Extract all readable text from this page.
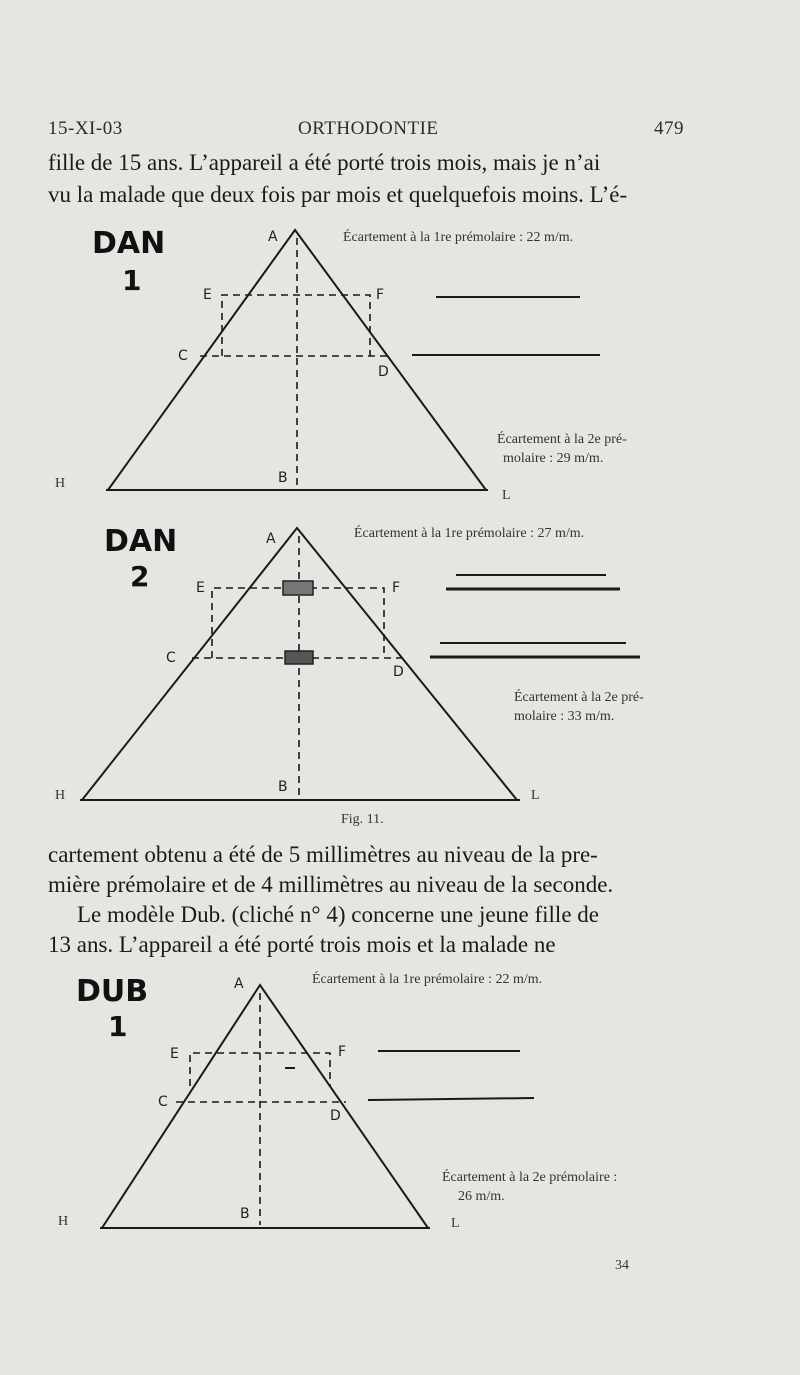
15-XI-03	ORTHODONTIE	479
fille de 15 ans. L’appareil a été porté trois mois, mais je n’ai
vu la malade que deux fois par mois et quelquefois moins. L’é-
DAN
1
A
E	F
C
D
B
H
L
Écartement à la 1re prémolaire : 22 m/m.
Écartement à la 2e pré-
molaire : 29 m/m.
DAN
2
A
E	F
C
D
B
H	L
Écartement à la 1re prémolaire : 27 m/m.
Écartement à la 2e pré-
molaire : 33 m/m.
Fig. 11.
cartement obtenu a été de 5 millimètres au niveau de la pre-
mière prémolaire et de 4 millimètres au niveau de la seconde.
Le modèle Dub. (cliché n° 4) concerne une jeune fille de
13 ans. L’appareil a été porté trois mois et la malade ne
DUB
1
A
E	F
C
D
B
H	L
Écartement à la 1re prémolaire : 22 m/m.
Écartement à la 2e prémolaire :
26 m/m.
34
